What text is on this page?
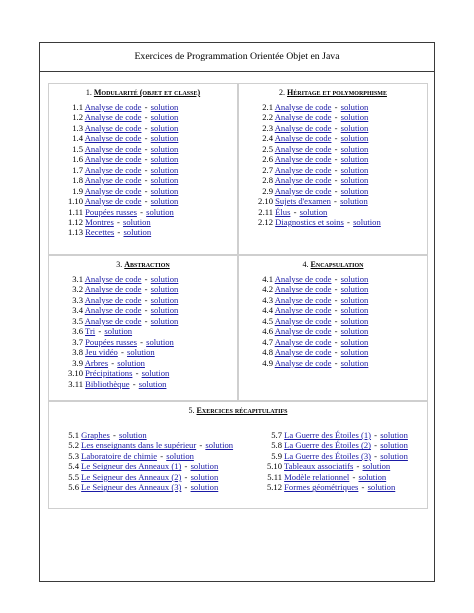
Exercices de Programmation Orientée Objet en Java
1. Modularité (objet et classe)
1.1 Analyse de code - solution
1.2 Analyse de code - solution
1.3 Analyse de code - solution
1.4 Analyse de code - solution
1.5 Analyse de code - solution
1.6 Analyse de code - solution
1.7 Analyse de code - solution
1.8 Analyse de code - solution
1.9 Analyse de code - solution
1.10 Analyse de code - solution
1.11 Poupées russes - solution
1.12 Montres - solution
1.13 Recettes - solution
2. Héritage et polymorphisme
2.1 Analyse de code - solution
2.2 Analyse de code - solution
2.3 Analyse de code - solution
2.4 Analyse de code - solution
2.5 Analyse de code - solution
2.6 Analyse de code - solution
2.7 Analyse de code - solution
2.8 Analyse de code - solution
2.9 Analyse de code - solution
2.10 Sujets d'examen - solution
2.11 Élus - solution
2.12 Diagnostics et soins - solution
3. Abstraction
3.1 Analyse de code - solution
3.2 Analyse de code - solution
3.3 Analyse de code - solution
3.4 Analyse de code - solution
3.5 Analyse de code - solution
3.6 Tri - solution
3.7 Poupées russes - solution
3.8 Jeu vidéo - solution
3.9 Arbres - solution
3.10 Précipitations - solution
3.11 Bibliothèque - solution
4. Encapsulation
4.1 Analyse de code - solution
4.2 Analyse de code - solution
4.3 Analyse de code - solution
4.4 Analyse de code - solution
4.5 Analyse de code - solution
4.6 Analyse de code - solution
4.7 Analyse de code - solution
4.8 Analyse de code - solution
4.9 Analyse de code - solution
5. Exercices récapitulatifs
5.1 Graphes - solution
5.2 Les enseignants dans le supérieur - solution
5.3 Laboratoire de chimie - solution
5.4 Le Seigneur des Anneaux (1) - solution
5.5 Le Seigneur des Anneaux (2) - solution
5.6 Le Seigneur des Anneaux (3) - solution
5.7 La Guerre des Étoiles (1) - solution
5.8 La Guerre des Étoiles (2) - solution
5.9 La Guerre des Étoiles (3) - solution
5.10 Tableaux associatifs - solution
5.11 Modèle relationnel - solution
5.12 Formes géométriques - solution
